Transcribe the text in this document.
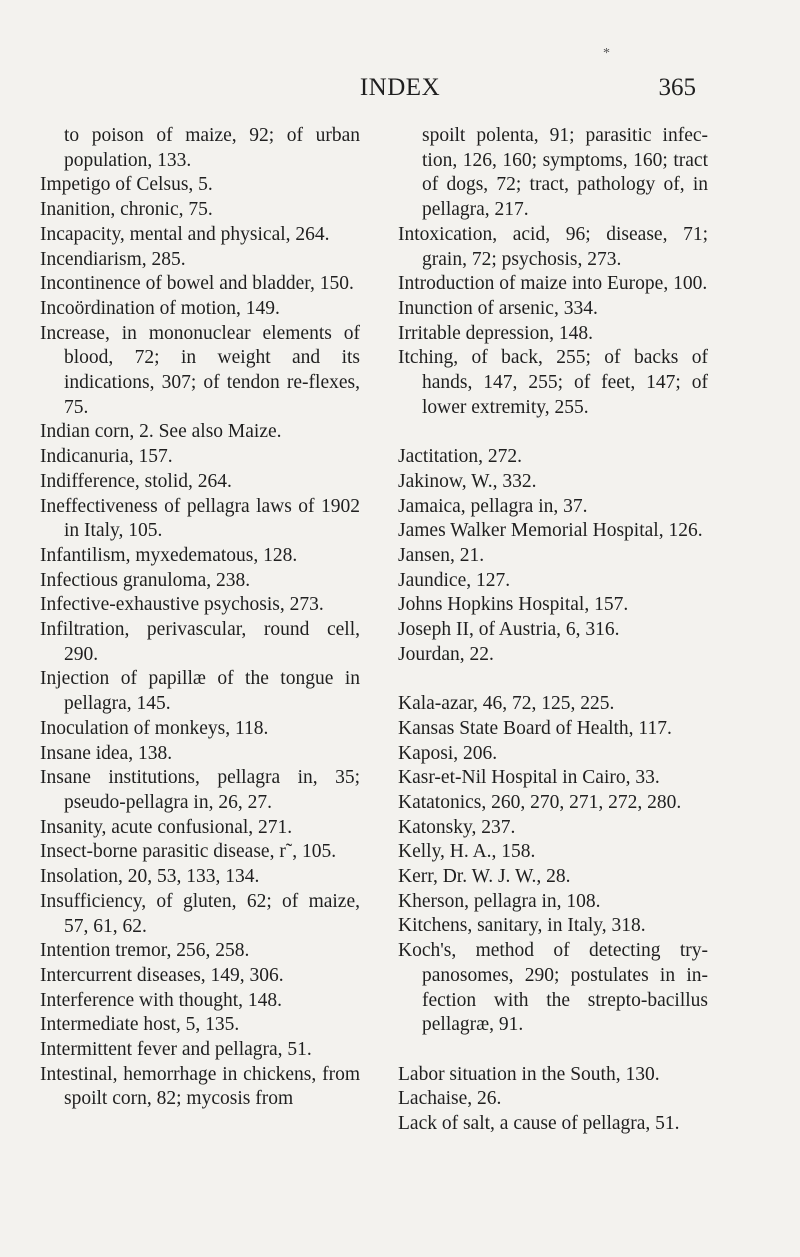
*
INDEX	365

to poison of maize, 92; of urban population, 133.

Impetigo of Celsus, 5.

Inanition, chronic, 75.

Incapacity, mental and physical, 264.

Incendiarism, 285.

Incontinence of bowel and bladder, 150.

Incoördination of motion, 149.

Increase, in mononuclear elements of blood, 72; in weight and its indications, 307; of tendon re-flexes, 75.

Indian corn, 2. See also Maize.

Indicanuria, 157.

Indifference, stolid, 264.

Ineffectiveness of pellagra laws of 1902 in Italy, 105.

Infantilism, myxedematous, 128.

Infectious granuloma, 238.

Infective-exhaustive psychosis, 273.

Infiltration, perivascular, round cell, 290.

Injection of papillæ of the tongue in pellagra, 145.

Inoculation of monkeys, 118.

Insane idea, 138.

Insane institutions, pellagra in, 35; pseudo-pellagra in, 26, 27.

Insanity, acute confusional, 271.

Insect-borne parasitic disease, r˜, 105.

Insolation, 20, 53, 133, 134.

Insufficiency, of gluten, 62; of maize, 57, 61, 62.

Intention tremor, 256, 258.

Intercurrent diseases, 149, 306.

Interference with thought, 148.

Intermediate host, 5, 135.

Intermittent fever and pellagra, 51.

Intestinal, hemorrhage in chickens, from spoilt corn, 82; mycosis from

spoilt polenta, 91; parasitic infec-tion, 126, 160; symptoms, 160; tract of dogs, 72; tract, pathology of, in pellagra, 217.

Intoxication, acid, 96; disease, 71; grain, 72; psychosis, 273.

Introduction of maize into Europe, 100.

Inunction of arsenic, 334.

Irritable depression, 148.

Itching, of back, 255; of backs of hands, 147, 255; of feet, 147; of lower extremity, 255.

Jactitation, 272.

Jakinow, W., 332.

Jamaica, pellagra in, 37.

James Walker Memorial Hospital, 126.

Jansen, 21.

Jaundice, 127.

Johns Hopkins Hospital, 157.

Joseph II, of Austria, 6, 316.

Jourdan, 22.

Kala-azar, 46, 72, 125, 225.

Kansas State Board of Health, 117.

Kaposi, 206.

Kasr-et-Nil Hospital in Cairo, 33.

Katatonics, 260, 270, 271, 272, 280.

Katonsky, 237.

Kelly, H. A., 158.

Kerr, Dr. W. J. W., 28.

Kherson, pellagra in, 108.

Kitchens, sanitary, in Italy, 318.

Koch's, method of detecting try-panosomes, 290; postulates in in-fection with the strepto-bacillus pellagræ, 91.

Labor situation in the South, 130.

Lachaise, 26.

Lack of salt, a cause of pellagra, 51.
